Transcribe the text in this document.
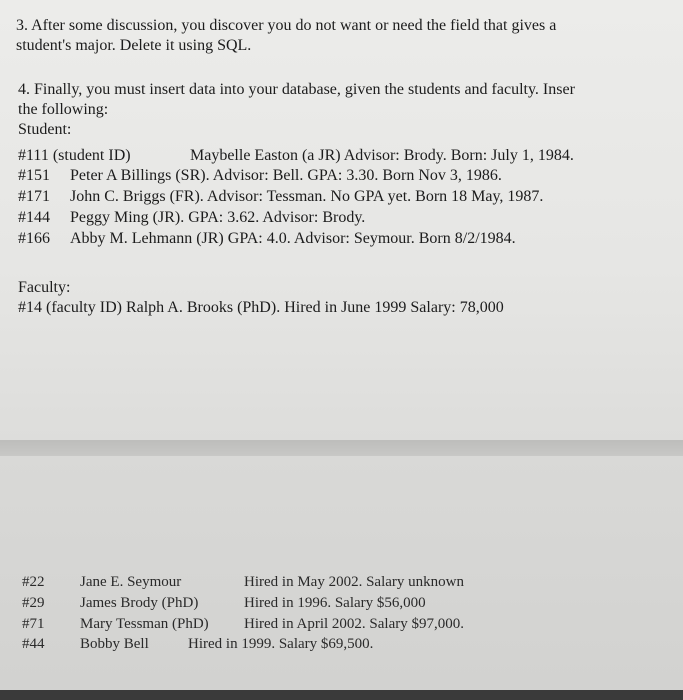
3. After some discussion, you discover you do not want or need the field that gives a
student's major. Delete it using SQL.
4. Finally, you must insert data into your database, given the students and faculty. Inser
the following:
Student:
#111 (student ID)	Maybelle Easton (a JR) Advisor: Brody. Born: July 1, 1984.
#151	Peter A Billings (SR). Advisor: Bell. GPA: 3.30. Born Nov 3, 1986.
#171	John C. Briggs (FR). Advisor: Tessman. No GPA yet. Born 18 May, 1987.
#144	Peggy Ming (JR). GPA: 3.62. Advisor: Brody.
#166	Abby M. Lehmann (JR) GPA: 4.0. Advisor: Seymour. Born 8/2/1984.
Faculty:
#14 (faculty ID) Ralph A. Brooks (PhD). Hired in June 1999 Salary: 78,000
#22	Jane E. Seymour	Hired in May 2002. Salary unknown
#29	James Brody (PhD)	Hired in 1996. Salary $56,000
#71	Mary Tessman (PhD)	Hired in April 2002. Salary $97,000.
#44	Bobby Bell	Hired in 1999. Salary $69,500.
